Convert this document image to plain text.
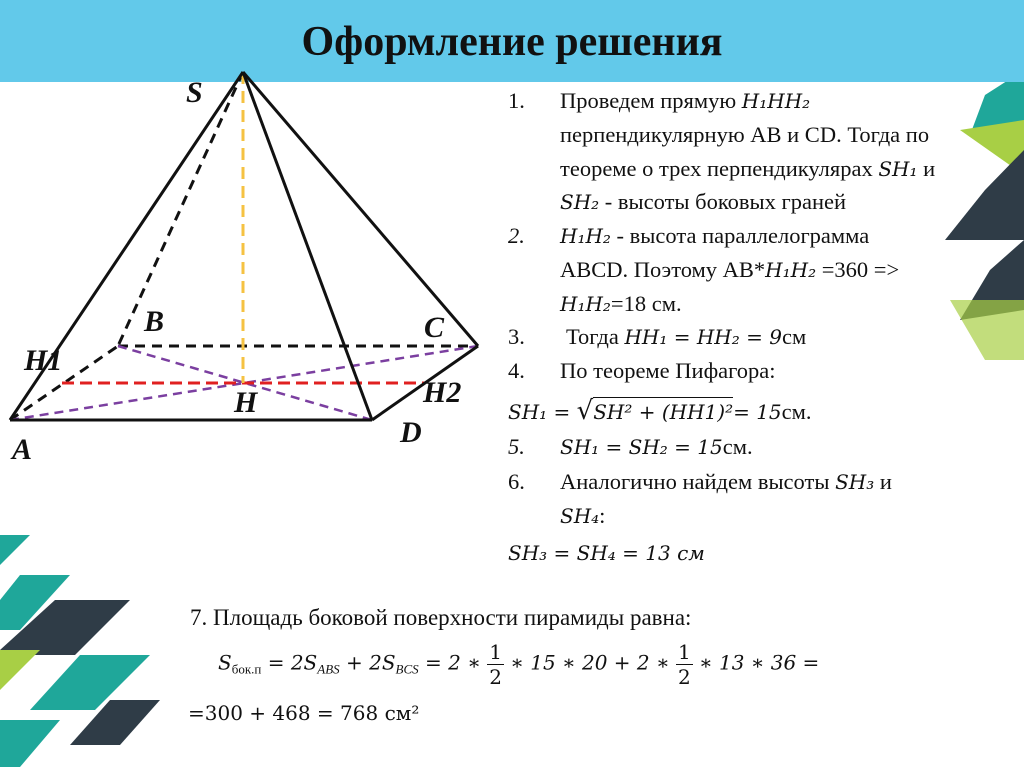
Оформление решения
S
B	C
H1
H	H2
D
A
1. Проведем прямую H₁HH₂
перпендикулярную АВ и CD. Тогда по
теореме о трех перпендикулярах SH₁ и
SH₂ - высоты боковых граней
2. H₁H₂ - высота параллелограмма
ABCD. Поэтому АВ*H₁H₂ =360 =>
H₁H₂=18 см.
3. Тогда HH₁ = HH₂ = 9см
4. По теореме Пифагора:
SH₁ = √SH² + (HH1)²= 15см.
5. SH₁ = SH₂ = 15см.
6. Аналогично найдем высоты SH₃ и
SH₄:
SH₃ = SH₄ = 13 см
7. Площадь боковой поверхности пирамиды равна:
$S_{бок.п} = 2S_{ABS} + 2S_{BCS} = 2$ ∗ $\frac{1}{2}$ ∗ 15 ∗ 20 + 2 ∗ $\frac{1}{2}$ ∗ 13 ∗ 36 =
=300 + 468 = 768 см²
